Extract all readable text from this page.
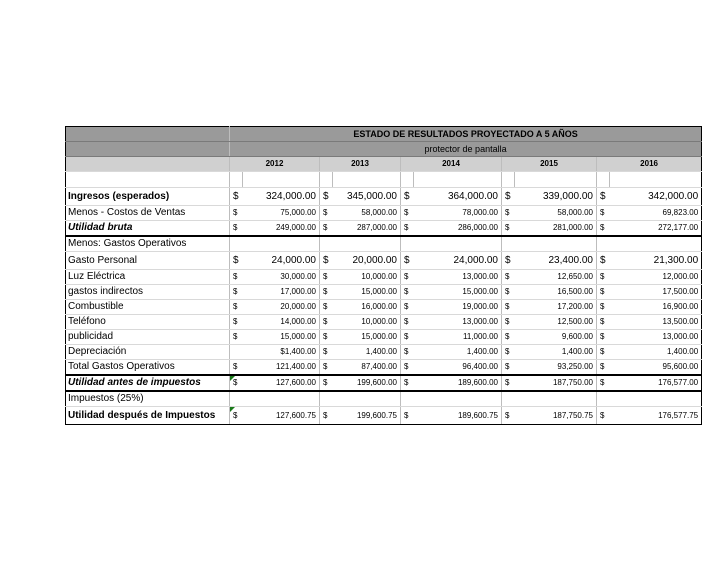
	ESTADO DE RESULTADOS PROYECTADO A 5 AÑOS									
	protector de pantalla									
	2012		2013		2014		2015		2016	

Ingresos (esperados)	$	324,000.00	$	345,000.00	$	364,000.00	$	339,000.00	$	342,000.00
Menos - Costos de Ventas	$	75,000.00	$	58,000.00	$	78,000.00	$	58,000.00	$	69,823.00
Utilidad bruta	$	249,000.00	$	287,000.00	$	286,000.00	$	281,000.00	$	272,177.00
Menos: Gastos Operativos										
Gasto Personal	$	24,000.00	$	20,000.00	$	24,000.00	$	23,400.00	$	21,300.00
Luz Eléctrica	$	30,000.00	$	10,000.00	$	13,000.00	$	12,650.00	$	12,000.00
gastos indirectos	$	17,000.00	$	15,000.00	$	15,000.00	$	16,500.00	$	17,500.00
Combustible	$	20,000.00	$	16,000.00	$	19,000.00	$	17,200.00	$	16,900.00
Teléfono	$	14,000.00	$	10,000.00	$	13,000.00	$	12,500.00	$	13,500.00
publicidad	$	15,000.00	$	15,000.00	$	11,000.00	$	9,600.00	$	13,000.00
Depreciación		$1,400.00	$	1,400.00	$	1,400.00	$	1,400.00	$	1,400.00
Total Gastos Operativos	$	121,400.00	$	87,400.00	$	96,400.00	$	93,250.00	$	95,600.00
Utilidad antes de impuestos	$	127,600.00	$	199,600.00	$	189,600.00	$	187,750.00	$	176,577.00
Impuestos (25%)										
Utilidad después de Impuestos	$	127,600.75	$	199,600.75	$	189,600.75	$	187,750.75	$	176,577.75
